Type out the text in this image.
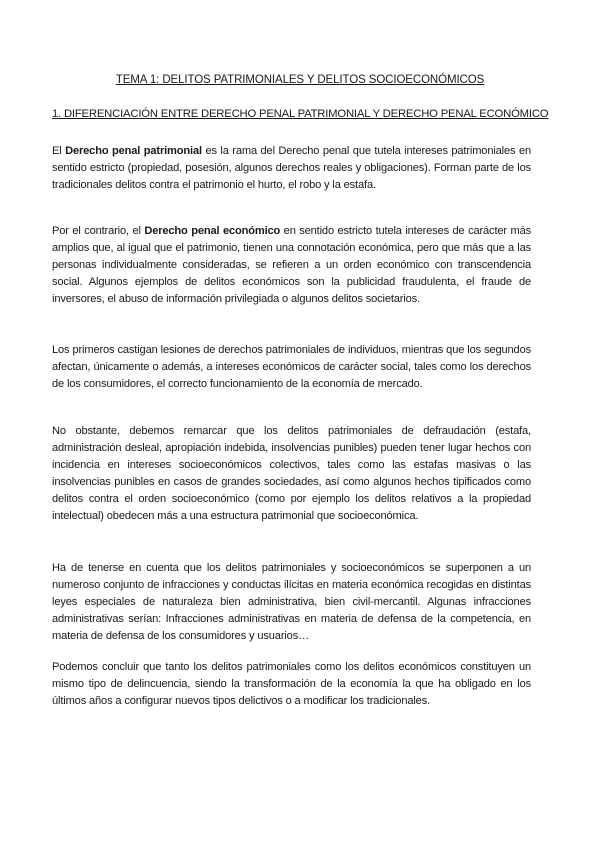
TEMA 1: DELITOS PATRIMONIALES Y DELITOS SOCIOECONÓMICOS
1. DIFERENCIACIÓN ENTRE DERECHO PENAL PATRIMONIAL Y DERECHO PENAL ECONÓMICO

El Derecho penal patrimonial es la rama del Derecho penal que tutela intereses patrimoniales en sentido estricto (propiedad, posesión, algunos derechos reales y obligaciones). Forman parte de los tradicionales delitos contra el patrimonio el hurto, el robo y la estafa.

Por el contrario, el Derecho penal económico en sentido estricto tutela intereses de carácter más amplios que, al igual que el patrimonio, tienen una connotación económica, pero que más que a las personas individualmente consideradas, se refieren a un orden económico con transcendencia social. Algunos ejemplos de delitos económicos son la publicidad fraudulenta, el fraude de inversores, el abuso de información privilegiada o algunos delitos societarios.

Los primeros castigan lesiones de derechos patrimoniales de individuos, mientras que los segundos afectan, únicamente o además, a intereses económicos de carácter social, tales como los derechos de los consumidores, el correcto funcionamiento de la economía de mercado.

No obstante, debemos remarcar que los delitos patrimoniales de defraudación (estafa, administración desleal, apropiación indebida, insolvencias punibles) pueden tener lugar hechos con incidencia en intereses socioeconómicos colectivos, tales como las estafas masivas o las insolvencias punibles en casos de grandes sociedades, así como algunos hechos tipificados como delitos contra el orden socioeconómico (como por ejemplo los delitos relativos a la propiedad intelectual) obedecen más a una estructura patrimonial que socioeconómica.

Ha de tenerse en cuenta que los delitos patrimoniales y socioeconómicos se superponen a un numeroso conjunto de infracciones y conductas ilícitas en materia económica recogidas en distintas leyes especiales de naturaleza bien administrativa, bien civil-mercantil. Algunas infracciones administrativas serían: Infracciones administrativas en materia de defensa de la competencia, en materia de defensa de los consumidores y usuarios…

Podemos concluir que tanto los delitos patrimoniales como los delitos económicos constituyen un mismo tipo de delincuencia, siendo la transformación de la economía la que ha obligado en los últimos años a configurar nuevos tipos delictivos o a modificar los tradicionales.
